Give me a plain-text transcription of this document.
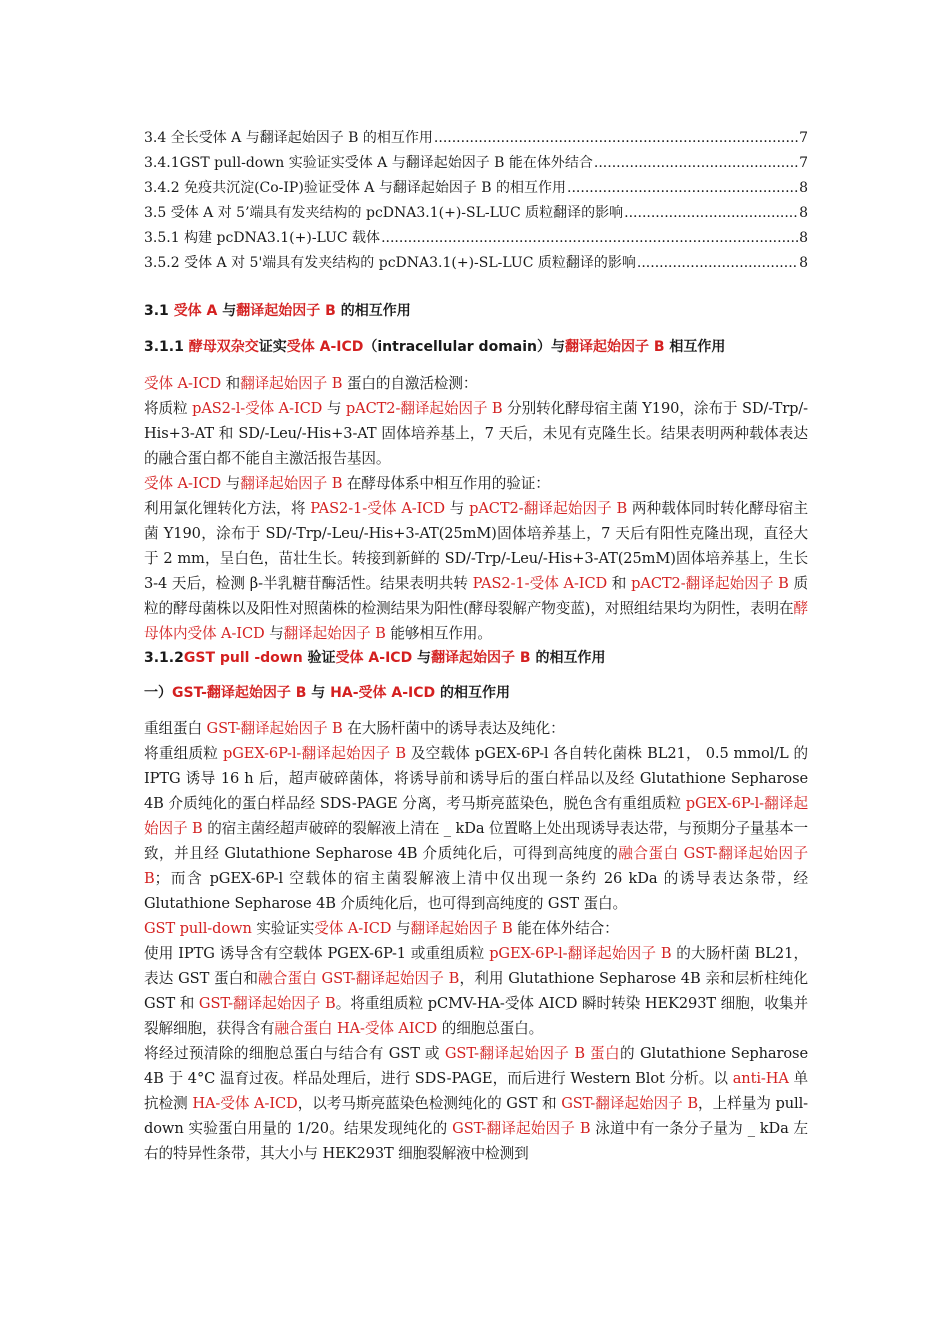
3.4 全长受体 A 与翻译起始因子 B 的相互作用 .....	7
3.4.1GST pull-down 实验证实受体 A 与翻译起始因子 B 能在体外结合 .....	7
3.4.2 免疫共沉淀(Co-IP)验证受体 A 与翻译起始因子 B 的相互作用 .....	8
3.5 受体 A 对 5’端具有发夹结构的 pcDNA3.1(+)-SL-LUC 质粒翻译的影响 .....	8
3.5.1 构建 pcDNA3.1(+)-LUC 载体 .....	8
3.5.2 受体 A 对 5'端具有发夹结构的 pcDNA3.1(+)-SL-LUC 质粒翻译的影响 .....	8
3.1 受体 A 与翻译起始因子 B 的相互作用
3.1.1 酵母双杂交证实受体 A-ICD（intracellular domain）与翻译起始因子 B 相互作用

受体 A-ICD 和翻译起始因子 B 蛋白的自激活检测：

将质粒 pAS2-l-受体 A-ICD 与 pACT2-翻译起始因子 B 分别转化酵母宿主菌 Y190，涂布于 SD/-Trp/-His+3-AT 和 SD/-Leu/-His+3-AT 固体培养基上，7 天后，未见有克隆生长。结果表明两种载体表达的融合蛋白都不能自主激活报告基因。

受体 A-ICD 与翻译起始因子 B 在酵母体系中相互作用的验证：

利用氯化锂转化方法，将 PAS2-1-受体 A-ICD 与 pACT2-翻译起始因子 B 两种载体同时转化酵母宿主菌 Y190，涂布于 SD/-Trp/-Leu/-His+3-AT(25mM)固体培养基上，7 天后有阳性克隆出现，直径大于 2 mm，呈白色，苗壮生长。转接到新鲜的 SD/-Trp/-Leu/-His+3-AT(25mM)固体培养基上，生长 3-4 天后，检测 β-半乳糖苷酶活性。结果表明共转 PAS2-1-受体 A-ICD 和 pACT2-翻译起始因子 B 质粒的酵母菌株以及阳性对照菌株的检测结果为阳性(酵母裂解产物变蓝)，对照组结果均为阴性，表明在酵母体内受体 A-ICD 与翻译起始因子 B 能够相互作用。

3.1.2GST pull -down 验证受体 A-ICD 与翻译起始因子 B 的相互作用
一）GST-翻译起始因子 B 与 HA-受体 A-ICD 的相互作用

重组蛋白 GST-翻译起始因子 B 在大肠杆菌中的诱导表达及纯化：

将重组质粒 pGEX-6P-l-翻译起始因子 B 及空载体 pGEX-6P-l 各自转化菌株 BL21， 0.5 mmol/L 的 IPTG 诱导 16 h 后，超声破碎菌体，将诱导前和诱导后的蛋白样品以及经 Glutathione Sepharose 4B 介质纯化的蛋白样品经 SDS-PAGE 分离，考马斯亮蓝染色，脱色含有重组质粒 pGEX-6P-l-翻译起始因子 B 的宿主菌经超声破碎的裂解液上清在 _ kDa 位置略上处出现诱导表达带，与预期分子量基本一致，并且经 Glutathione Sepharose 4B 介质纯化后，可得到高纯度的融合蛋白 GST-翻译起始因子 B；而含 pGEX-6P-l 空载体的宿主菌裂解液上清中仅出现一条约 26 kDa 的诱导表达条带，经 Glutathione Sepharose 4B 介质纯化后，也可得到高纯度的 GST 蛋白。

GST pull-down 实验证实受体 A-ICD 与翻译起始因子 B 能在体外结合：

使用 IPTG 诱导含有空载体 PGEX-6P-1 或重组质粒 pGEX-6P-l-翻译起始因子 B 的大肠杆菌 BL21，表达 GST 蛋白和融合蛋白 GST-翻译起始因子 B，利用 Glutathione Sepharose 4B 亲和层析柱纯化 GST 和 GST-翻译起始因子 B。将重组质粒 pCMV-HA-受体 AICD 瞬时转染 HEK293T 细胞，收集并裂解细胞，获得含有融合蛋白 HA-受体 AICD 的细胞总蛋白。

将经过预清除的细胞总蛋白与结合有 GST 或 GST-翻译起始因子 B 蛋白的 Glutathione Sepharose 4B 于 4°C 温育过夜。样品处理后，进行 SDS-PAGE，而后进行 Western Blot 分析。以 anti-HA 单抗检测 HA-受体 A-ICD，以考马斯亮蓝染色检测纯化的 GST 和 GST-翻译起始因子 B，上样量为 pull-down 实验蛋白用量的 1/20。结果发现纯化的 GST-翻译起始因子 B 泳道中有一条分子量为 _ kDa 左右的特异性条带，其大小与 HEK293T 细胞裂解液中检测到
